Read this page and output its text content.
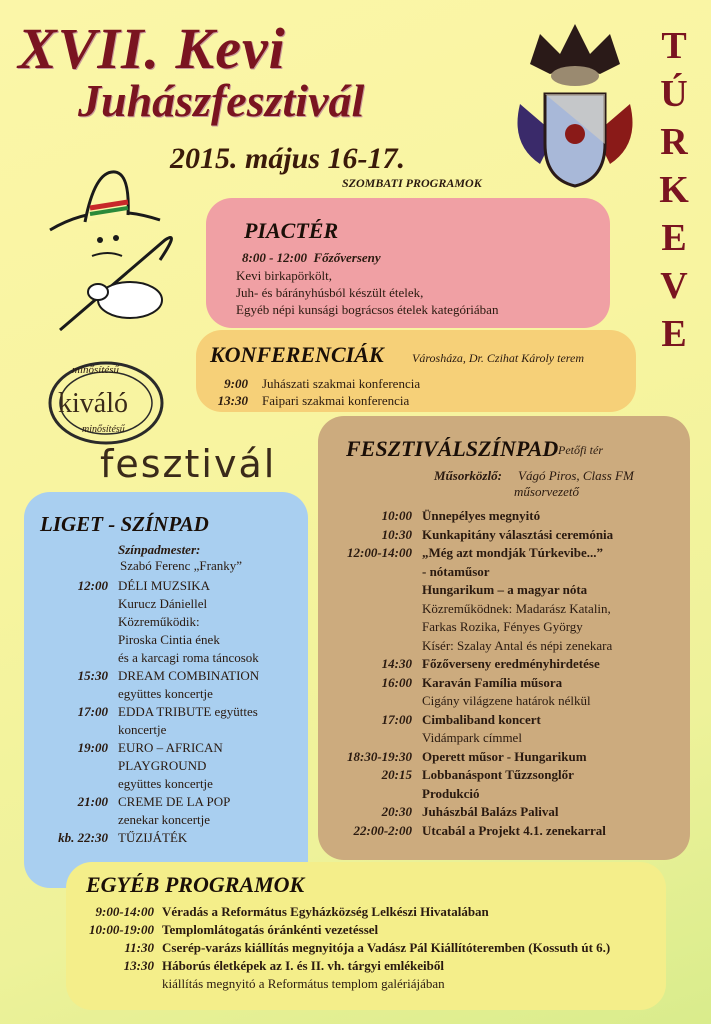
XVII. Kevi
Juhászfesztivál
2015. május 16-17.
SZOMBATI PROGRAMOK
T
Ú
R
K
E
V
E
minősítésű
kiváló
minősítésű
fesztivál
PIACTÉR
8:00 - 12:00 Főzőverseny
Kevi birkapörkölt,
Juh- és bárányhúsból készült ételek,
Egyéb népi kunsági bográcsos ételek kategóriában
KONFERENCIÁK Városháza, Dr. Czihat Károly terem
9:00 Juhászati szakmai konferencia
13:30 Faipari szakmai konferencia
FESZTIVÁLSZÍNPAD Petőfi tér
Műsorközlő: Vágó Piros, Class FM
műsorvezető
10:00 Ünnepélyes megnyitó
10:30 Kunkapitány választási ceremónia
12:00-14:00 „Még azt mondják Túrkevibe...”
- nótaműsor
Hungarikum – a magyar nóta
Közreműködnek: Madarász Katalin,
Farkas Rozika, Fényes György
Kísér: Szalay Antal és népi zenekara
14:30 Főzőverseny eredményhirdetése
16:00 Karaván Família műsora
Cigány világzene határok nélkül
17:00 Cimbaliband koncert
Vidámpark címmel
18:30-19:30 Operett műsor - Hungarikum
20:15 Lobbanáspont Tűzzsonglőr
Produkció
20:30 Juhászbál Balázs Palival
22:00-2:00 Utcabál a Projekt 4.1. zenekarral
LIGET - SZÍNPAD
Színpadmester:
Szabó Ferenc „Franky”
12:00 DÉLI MUZSIKA
Kurucz Dániellel
Közreműködik:
Piroska Cintia ének
és a karcagi roma táncosok
15:30 DREAM COMBINATION
együttes koncertje
17:00 EDDA TRIBUTE együttes
koncertje
19:00 EURO – AFRICAN
PLAYGROUND
együttes koncertje
21:00 CREME DE LA POP
zenekar koncertje
kb. 22:30 TŰZIJÁTÉK
EGYÉB PROGRAMOK
9:00-14:00 Véradás a Református Egyházközség Lelkészi Hivatalában
10:00-19:00 Templomlátogatás óránkénti vezetéssel
11:30 Cserép-varázs kiállítás megnyitója a Vadász Pál Kiállítóteremben (Kossuth út 6.)
13:30 Háborús életképek az I. és II. vh. tárgyi emlékeiből
kiállítás megnyitó a Református templom galériájában
